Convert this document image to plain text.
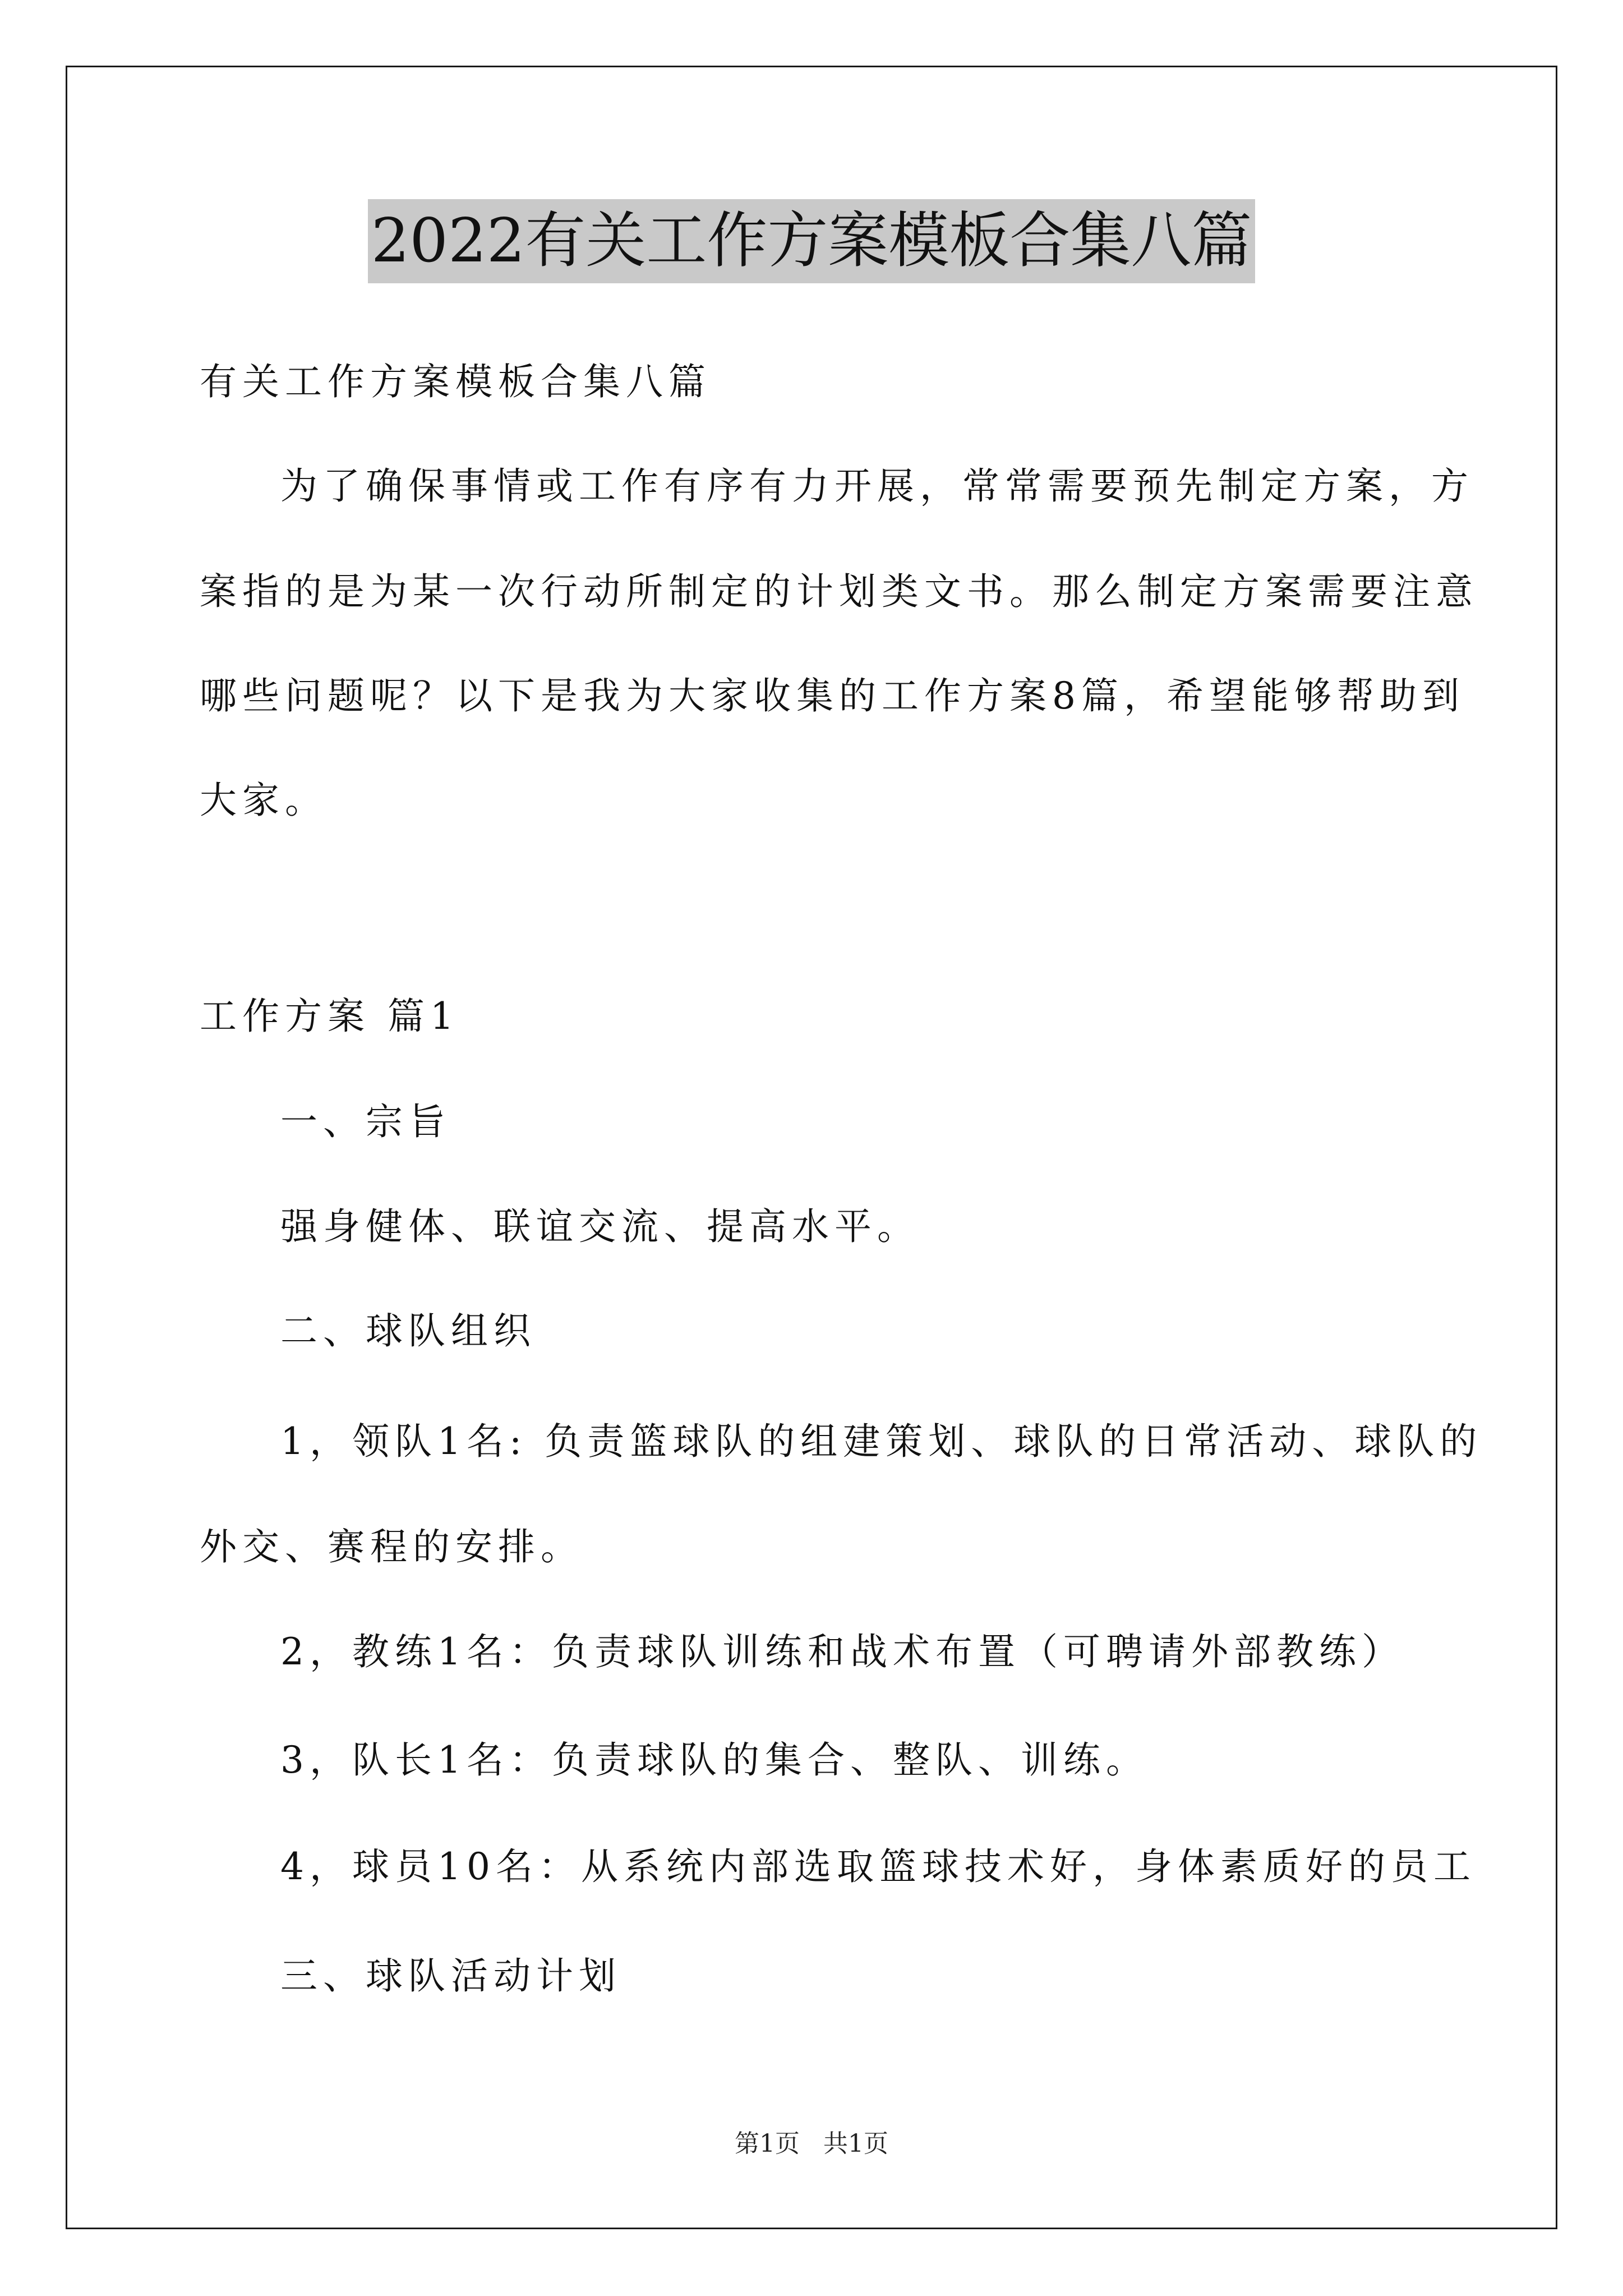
2022有关工作方案模板合集八篇
有关工作方案模板合集八篇
为了确保事情或工作有序有力开展，常常需要预先制定方案，方
案指的是为某一次行动所制定的计划类文书。那么制定方案需要注意
哪些问题呢？以下是我为大家收集的工作方案8篇，希望能够帮助到
大家。
工作方案 篇1
一、宗旨
强身健体、联谊交流、提高水平。
二、球队组织
1，领队1名: 负责篮球队的组建策划、球队的日常活动、球队的
外交、赛程的安排。
2，教练1名：负责球队训练和战术布置（可聘请外部教练）
3，队长1名：负责球队的集合、整队、训练。
4，球员10名：从系统内部选取篮球技术好，身体素质好的员工
三、球队活动计划
第1页 共1页
